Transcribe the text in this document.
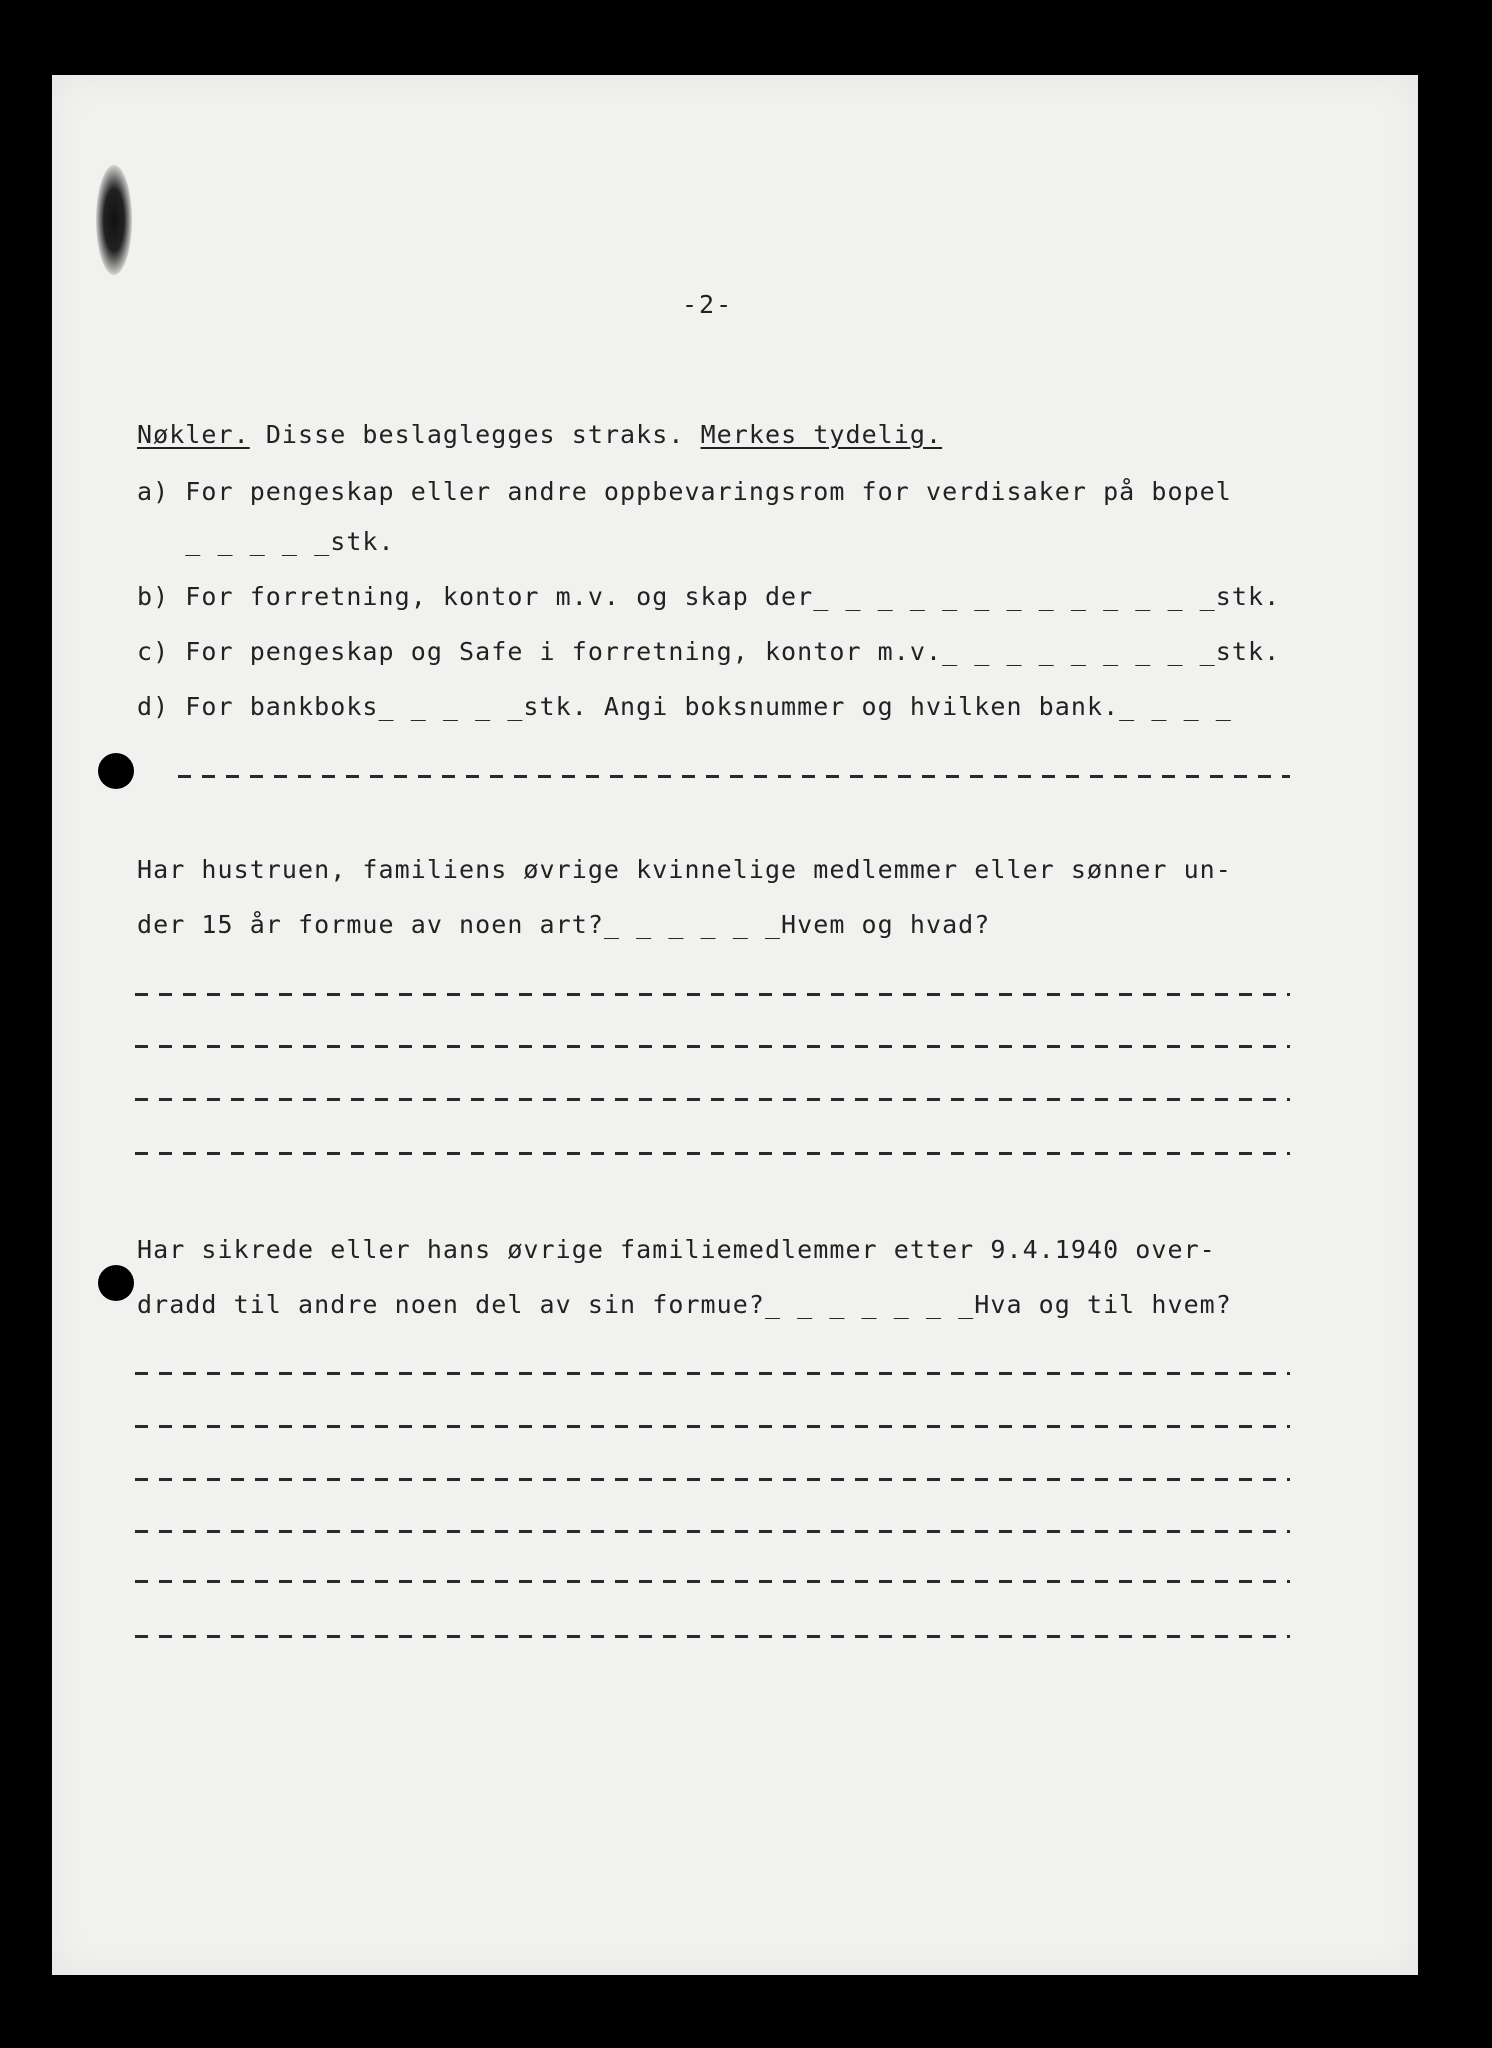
-2-
Nøkler. Disse beslaglegges straks. Merkes tydelig.
a) For pengeskap eller andre oppbevaringsrom for verdisaker på bopel
_ _ _ _ _stk.
b) For forretning, kontor m.v. og skap der_ _ _ _ _ _ _ _ _ _ _ _ _stk.
c) For pengeskap og Safe i forretning, kontor m.v._ _ _ _ _ _ _ _ _stk.
d) For bankboks_ _ _ _ _stk. Angi boksnummer og hvilken bank._ _ _ _
Har hustruen, familiens øvrige kvinnelige medlemmer eller sønner un-
der 15 år formue av noen art?_ _ _ _ _ _Hvem og hvad?
Har sikrede eller hans øvrige familiemedlemmer etter 9.4.1940 over-
dradd til andre noen del av sin formue?_ _ _ _ _ _ _Hva og til hvem?
